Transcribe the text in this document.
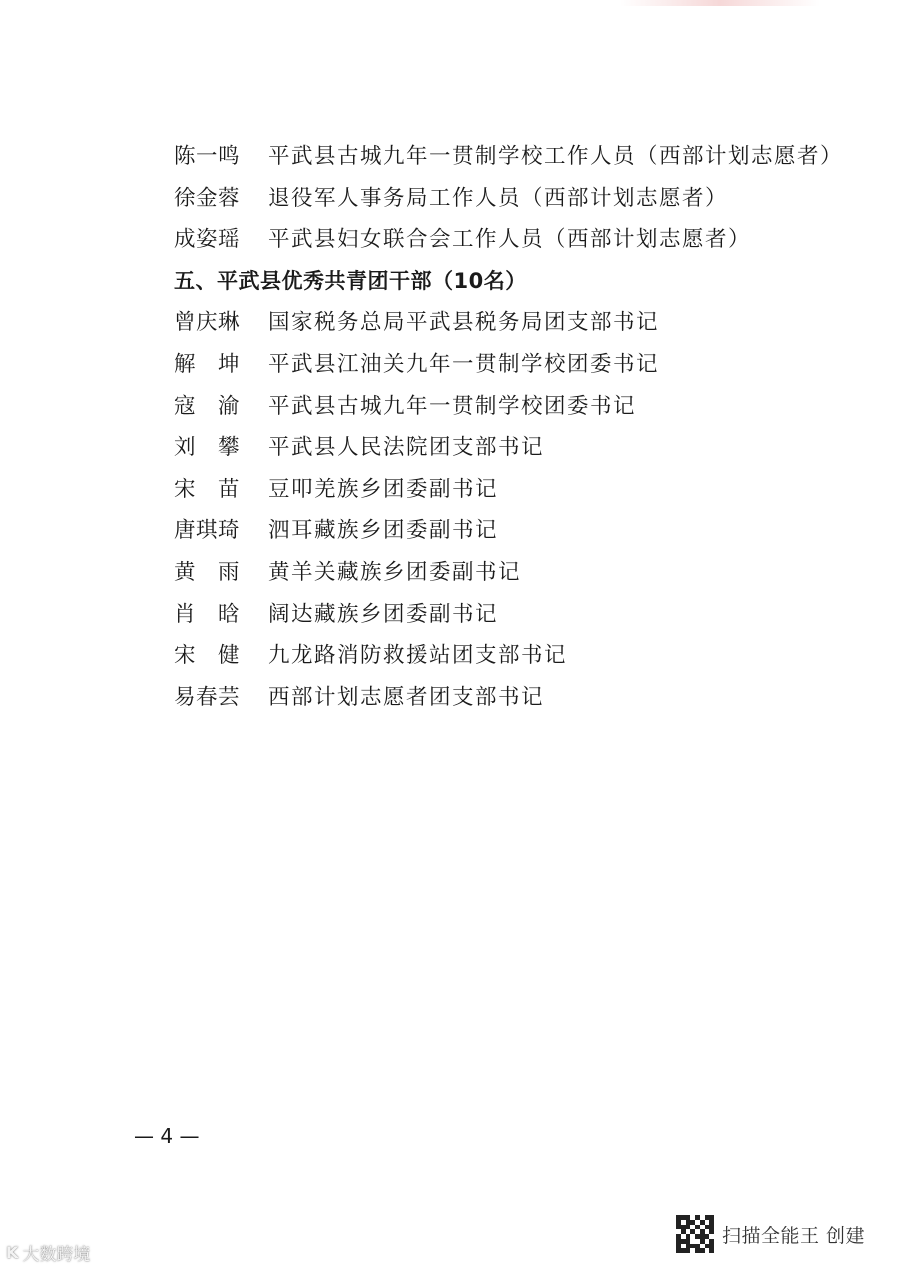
陈一鸣 平武县古城九年一贯制学校工作人员（西部计划志愿者）
徐金蓉 退役军人事务局工作人员（西部计划志愿者）
成姿瑶 平武县妇女联合会工作人员（西部计划志愿者）
五、平武县优秀共青团干部（10名）
曾庆琳 国家税务总局平武县税务局团支部书记
解　坤 平武县江油关九年一贯制学校团委书记
寇　渝 平武县古城九年一贯制学校团委书记
刘　攀 平武县人民法院团支部书记
宋　苗 豆叩羌族乡团委副书记
唐琪琦 泗耳藏族乡团委副书记
黄　雨 黄羊关藏族乡团委副书记
肖　晗 阔达藏族乡团委副书记
宋　健 九龙路消防救援站团支部书记
易春芸 西部计划志愿者团支部书记
— 4 —
扫描全能王 创建
K 大数跨境
